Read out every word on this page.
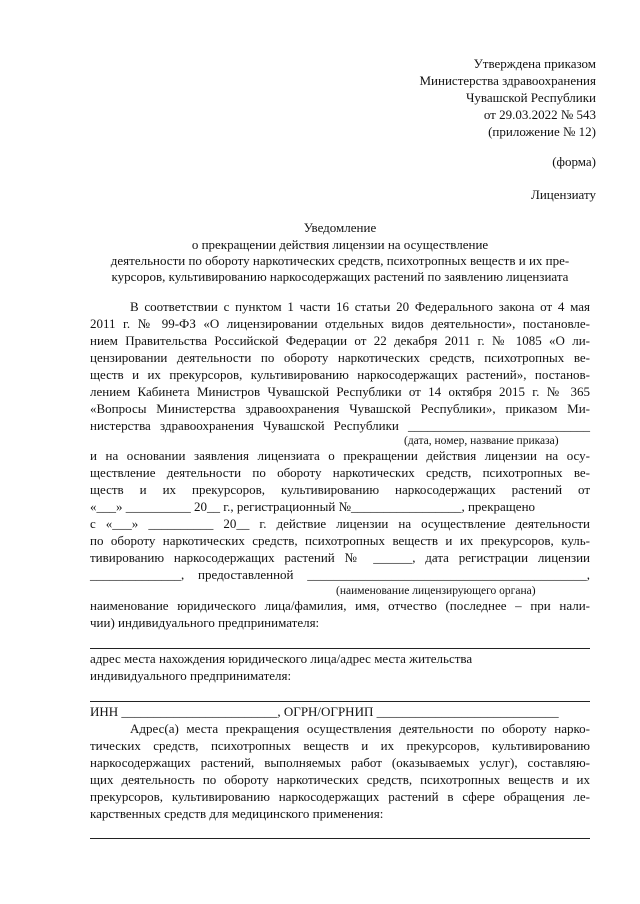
Утверждена приказом
Министерства здравоохранения
Чувашской Республики
от 29.03.2022 № 543
(приложение № 12)
(форма)
Лицензиату
Уведомление
о прекращении действия лицензии на осуществление
деятельности по обороту наркотических средств, психотропных веществ и их пре-
курсоров, культивированию наркосодержащих растений по заявлению лицензиата
В соответствии с пунктом 1 части 16 статьи 20 Федерального закона от 4 мая
2011 г. № 99-ФЗ «О лицензировании отдельных видов деятельности», постановле-
нием Правительства Российской Федерации от 22 декабря 2011 г. № 1085 «О ли-
цензировании деятельности по обороту наркотических средств, психотропных ве-
ществ и их прекурсоров, культивированию наркосодержащих растений», постанов-
лением Кабинета Министров Чувашской Республики от 14 октября 2015 г. № 365
«Вопросы Министерства здравоохранения Чувашской Республики», приказом Ми-
нистерства здравоохранения Чувашской Республики ____________________________
(дата, номер, название приказа)
и на основании заявления лицензиата о прекращении действия лицензии на осу-
ществление деятельности по обороту наркотических средств, психотропных ве-
ществ и их прекурсоров, культивированию наркосодержащих растений от
«___» __________ 20__ г., регистрационный №_________________, прекращено
с «___» __________ 20__ г. действие лицензии на осуществление деятельности
по обороту наркотических средств, психотропных веществ и их прекурсоров, куль-
тивированию наркосодержащих растений № ______, дата регистрации лицензии
______________, предоставленной ___________________________________________,
(наименование лицензирующего органа)
наименование юридического лица/фамилия, имя, отчество (последнее – при нали-
чии) индивидуального предпринимателя:
адрес места нахождения юридического лица/адрес места жительства
индивидуального предпринимателя:
ИНН ________________________, ОГРН/ОГРНИП ____________________________
Адрес(а) места прекращения осуществления деятельности по обороту нарко-
тических средств, психотропных веществ и их прекурсоров, культивированию
наркосодержащих растений, выполняемых работ (оказываемых услуг), составляю-
щих деятельность по обороту наркотических средств, психотропных веществ и их
прекурсоров, культивированию наркосодержащих растений в сфере обращения ле-
карственных средств для медицинского применения:
